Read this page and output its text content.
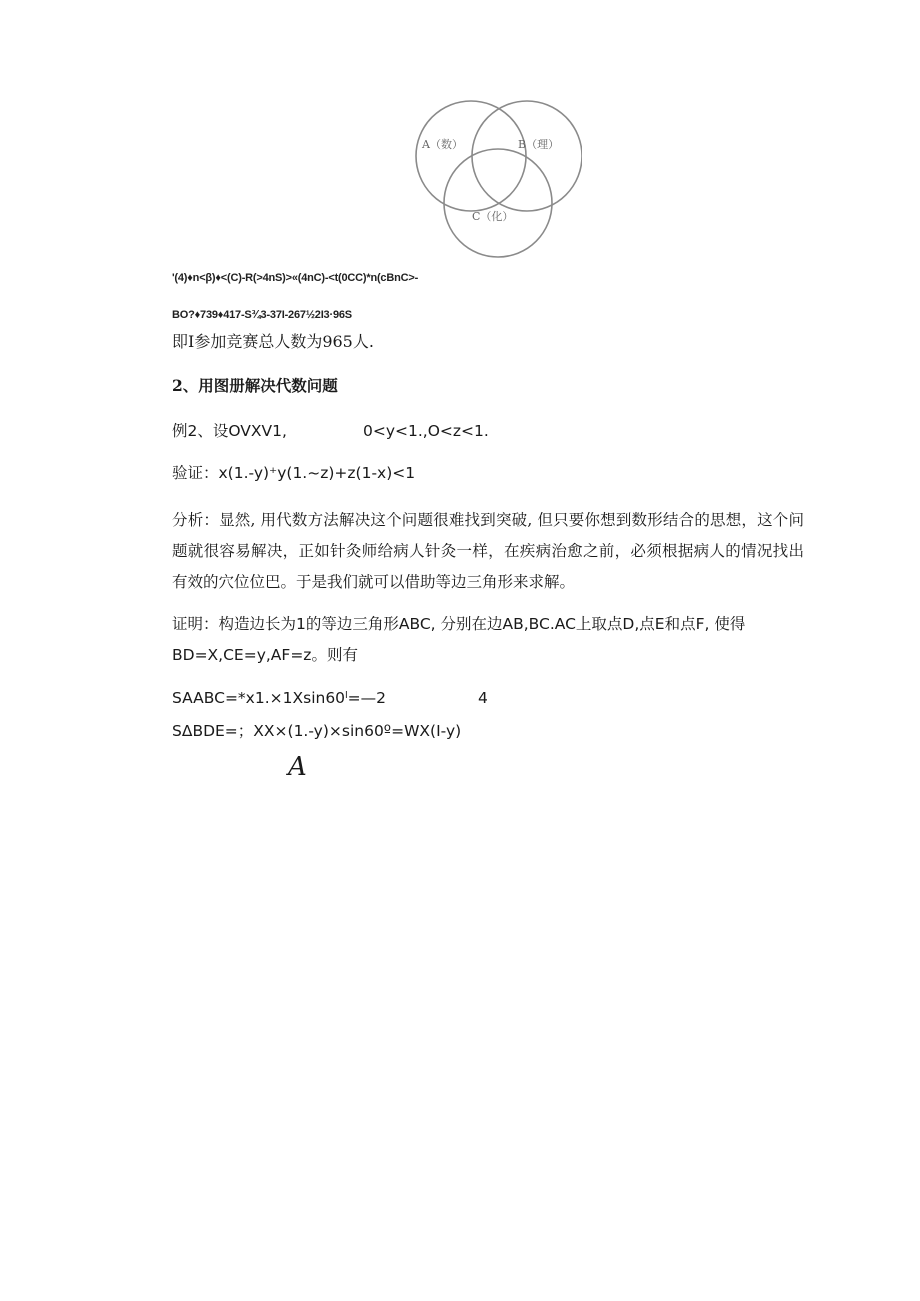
A（数）	B（理）
C（化）
'(4)♦n<β)♦<(C)-R(>4nS)>«(4nC)-<t(0CC)*n(cBnC>-
BO?♦739♦417-S¾3-37I-267½2I3·96S
即I参加竞赛总人数为965人.
2、用图册解决代数问题
例2、设OVXV1,	0<y<1.,O<z<1.
验证：x(1.-y)⁺y(1.~z)+z(1-x)<1
分析：显然, 用代数方法解决这个问题很难找到突破, 但只要你想到数形结合的思想，这个问题就很容易解决，正如针灸师给病人针灸一样，在疾病治愈之前，必须根据病人的情况找出有效的穴位位巴。于是我们就可以借助等边三角形来求解。
证明：构造边长为1的等边三角形ABC, 分别在边AB,BC.AC上取点D,点E和点F, 使得
BD=X,CE=y,AF=z。则有
SAABC=*x1.×1Xsin60ˡ=—2	4
SΔBDE=；XX×(1.-y)×sin60º=WX(I-y)
A
